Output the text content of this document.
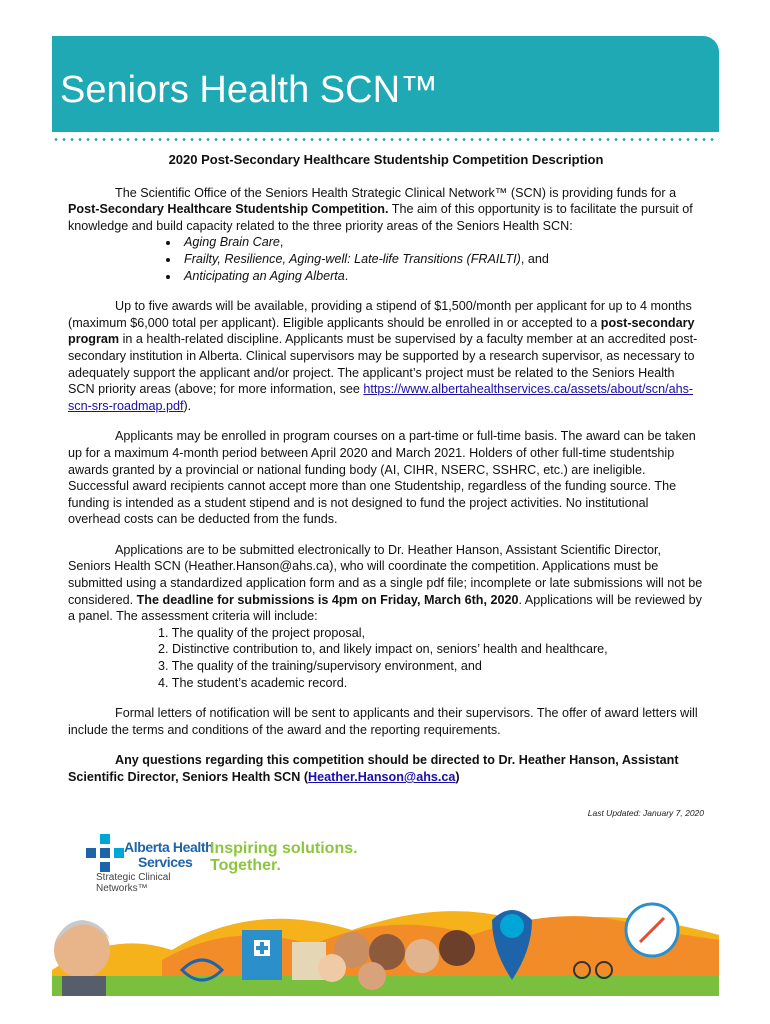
Seniors Health SCN™
2020 Post-Secondary Healthcare Studentship Competition Description

The Scientific Office of the Seniors Health Strategic Clinical Network™ (SCN) is providing funds for a Post-Secondary Healthcare Studentship Competition. The aim of this opportunity is to facilitate the pursuit of knowledge and build capacity related to the three priority areas of the Seniors Health SCN:

• Aging Brain Care,
• Frailty, Resilience, Aging-well: Late-life Transitions (FRAILTI), and
• Anticipating an Aging Alberta.

Up to five awards will be available, providing a stipend of $1,500/month per applicant for up to 4 months (maximum $6,000 total per applicant). Eligible applicants should be enrolled in or accepted to a post-secondary program in a health-related discipline. Applicants must be supervised by a faculty member at an accredited post-secondary institution in Alberta. Clinical supervisors may be supported by a research supervisor, as necessary to adequately support the applicant and/or project. The applicant’s project must be related to the Seniors Health SCN priority areas (above; for more information, see https://www.albertahealthservices.ca/assets/about/scn/ahs-scn-srs-roadmap.pdf).

Applicants may be enrolled in program courses on a part-time or full-time basis. The award can be taken up for a maximum 4-month period between April 2020 and March 2021. Holders of other full-time studentship awards granted by a provincial or national funding body (AI, CIHR, NSERC, SSHRC, etc.) are ineligible. Successful award recipients cannot accept more than one Studentship, regardless of the funding source. The funding is intended as a student stipend and is not designed to fund the project activities. No institutional overhead costs can be deducted from the funds.

Applications are to be submitted electronically to Dr. Heather Hanson, Assistant Scientific Director, Seniors Health SCN (Heather.Hanson@ahs.ca), who will coordinate the competition. Applications must be submitted using a standardized application form and as a single pdf file; incomplete or late submissions will not be considered. The deadline for submissions is 4pm on Friday, March 6th, 2020. Applications will be reviewed by a panel. The assessment criteria will include:

1. The quality of the project proposal,
2. Distinctive contribution to, and likely impact on, seniors’ health and healthcare,
3. The quality of the training/supervisory environment, and
4. The student’s academic record.

Formal letters of notification will be sent to applicants and their supervisors. The offer of award letters will include the terms and conditions of the award and the reporting requirements.

Any questions regarding this competition should be directed to Dr. Heather Hanson, Assistant Scientific Director, Seniors Health SCN (Heather.Hanson@ahs.ca)

Last Updated: January 7, 2020
Alberta Health
Services
Inspiring solutions.
Together.
Strategic Clinical
Networks™
